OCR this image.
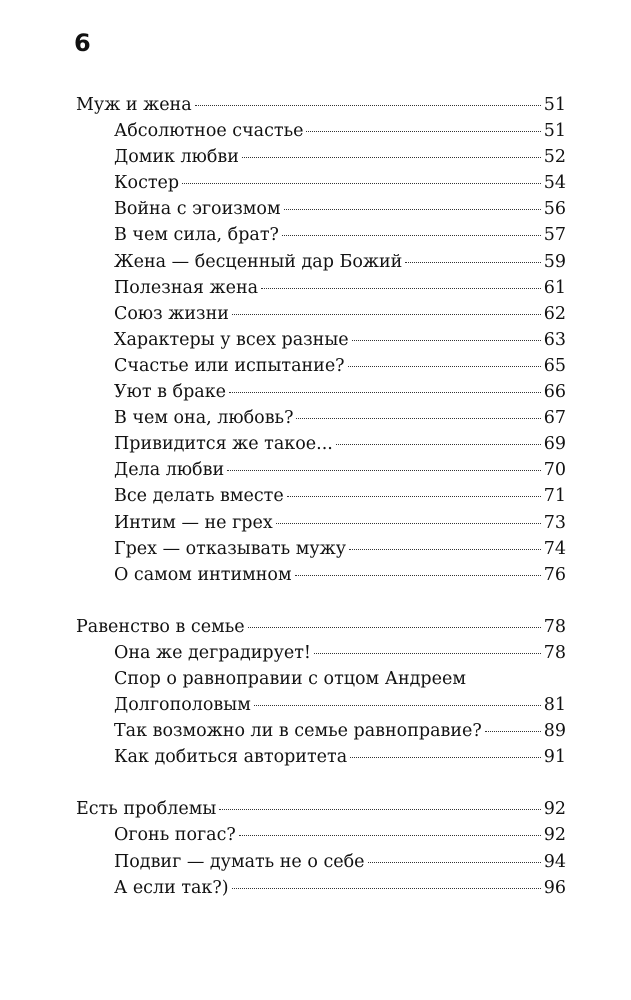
6
Муж и жена	51
Абсолютное счастье	51
Домик любви	52
Костер	54
Война с эгоизмом	56
В чем сила, брат?	57
Жена — бесценный дар Божий	59
Полезная жена	61
Союз жизни	62
Характеры у всех разные	63
Счастье или испытание?	65
Уют в браке	66
В чем она, любовь?	67
Привидится же такое...	69
Дела любви	70
Все делать вместе	71
Интим — не грех	73
Грех — отказывать мужу	74
О самом интимном	76
Равенство в семье	78
Она же деградирует!	78
Спор о равноправии с отцом Андреем
Долгополовым	81
Так возможно ли в семье равноправие?	89
Как добиться авторитета	91
Есть проблемы	92
Огонь погас?	92
Подвиг — думать не о себе	94
А если так?)	96
